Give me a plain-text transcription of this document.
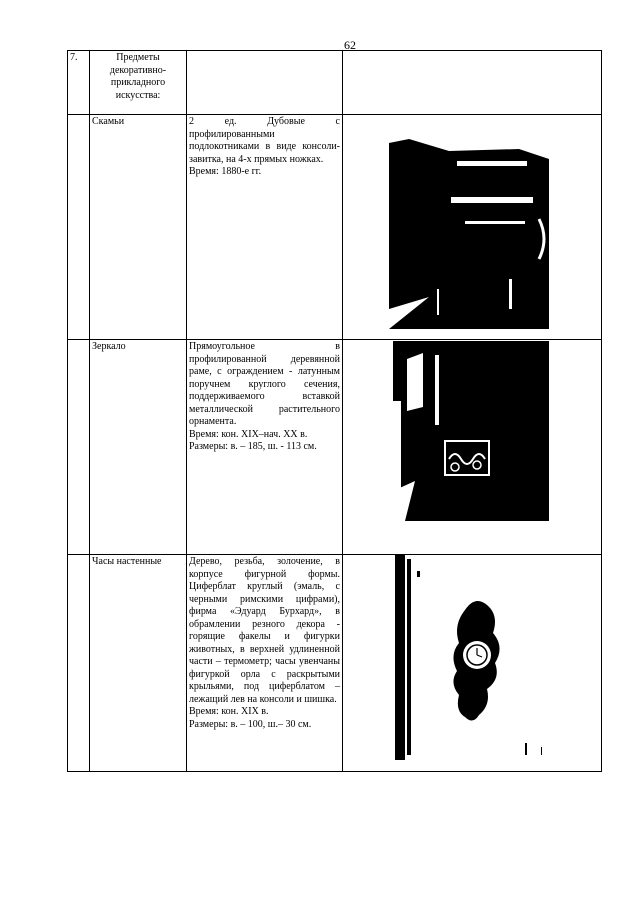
62
7.	Предметы декоративно-прикладного искусства:		
	Скамьи	2 ед. Дубовые с профилированными подлокотниками в виде консоли-завитка, на 4-х прямых ножках.
Время: 1880-е гг.

	Зеркало	Прямоугольное в профилированной деревянной раме, с ограждением - латунным поручнем круглого сечения, поддерживаемого вставкой металлической растительного орнамента.
Время: кон. XIX–нач. XX в.
Размеры: в. – 185, ш. - 113 см.

	Часы настенные	Дерево, резьба, золочение, в корпусе фигурной формы. Циферблат круглый (эмаль, с черными римскими цифрами), фирма «Эдуард Бурхард», в обрамлении резного декора - горящие факелы и фигурки животных, в верхней удлиненной части – термометр; часы увенчаны фигуркой орла с раскрытыми крыльями, под циферблатом – лежащий лев на консоли и шишка.
Время: кон. XIX в.
Размеры: в. – 100, ш.– 30 см.
